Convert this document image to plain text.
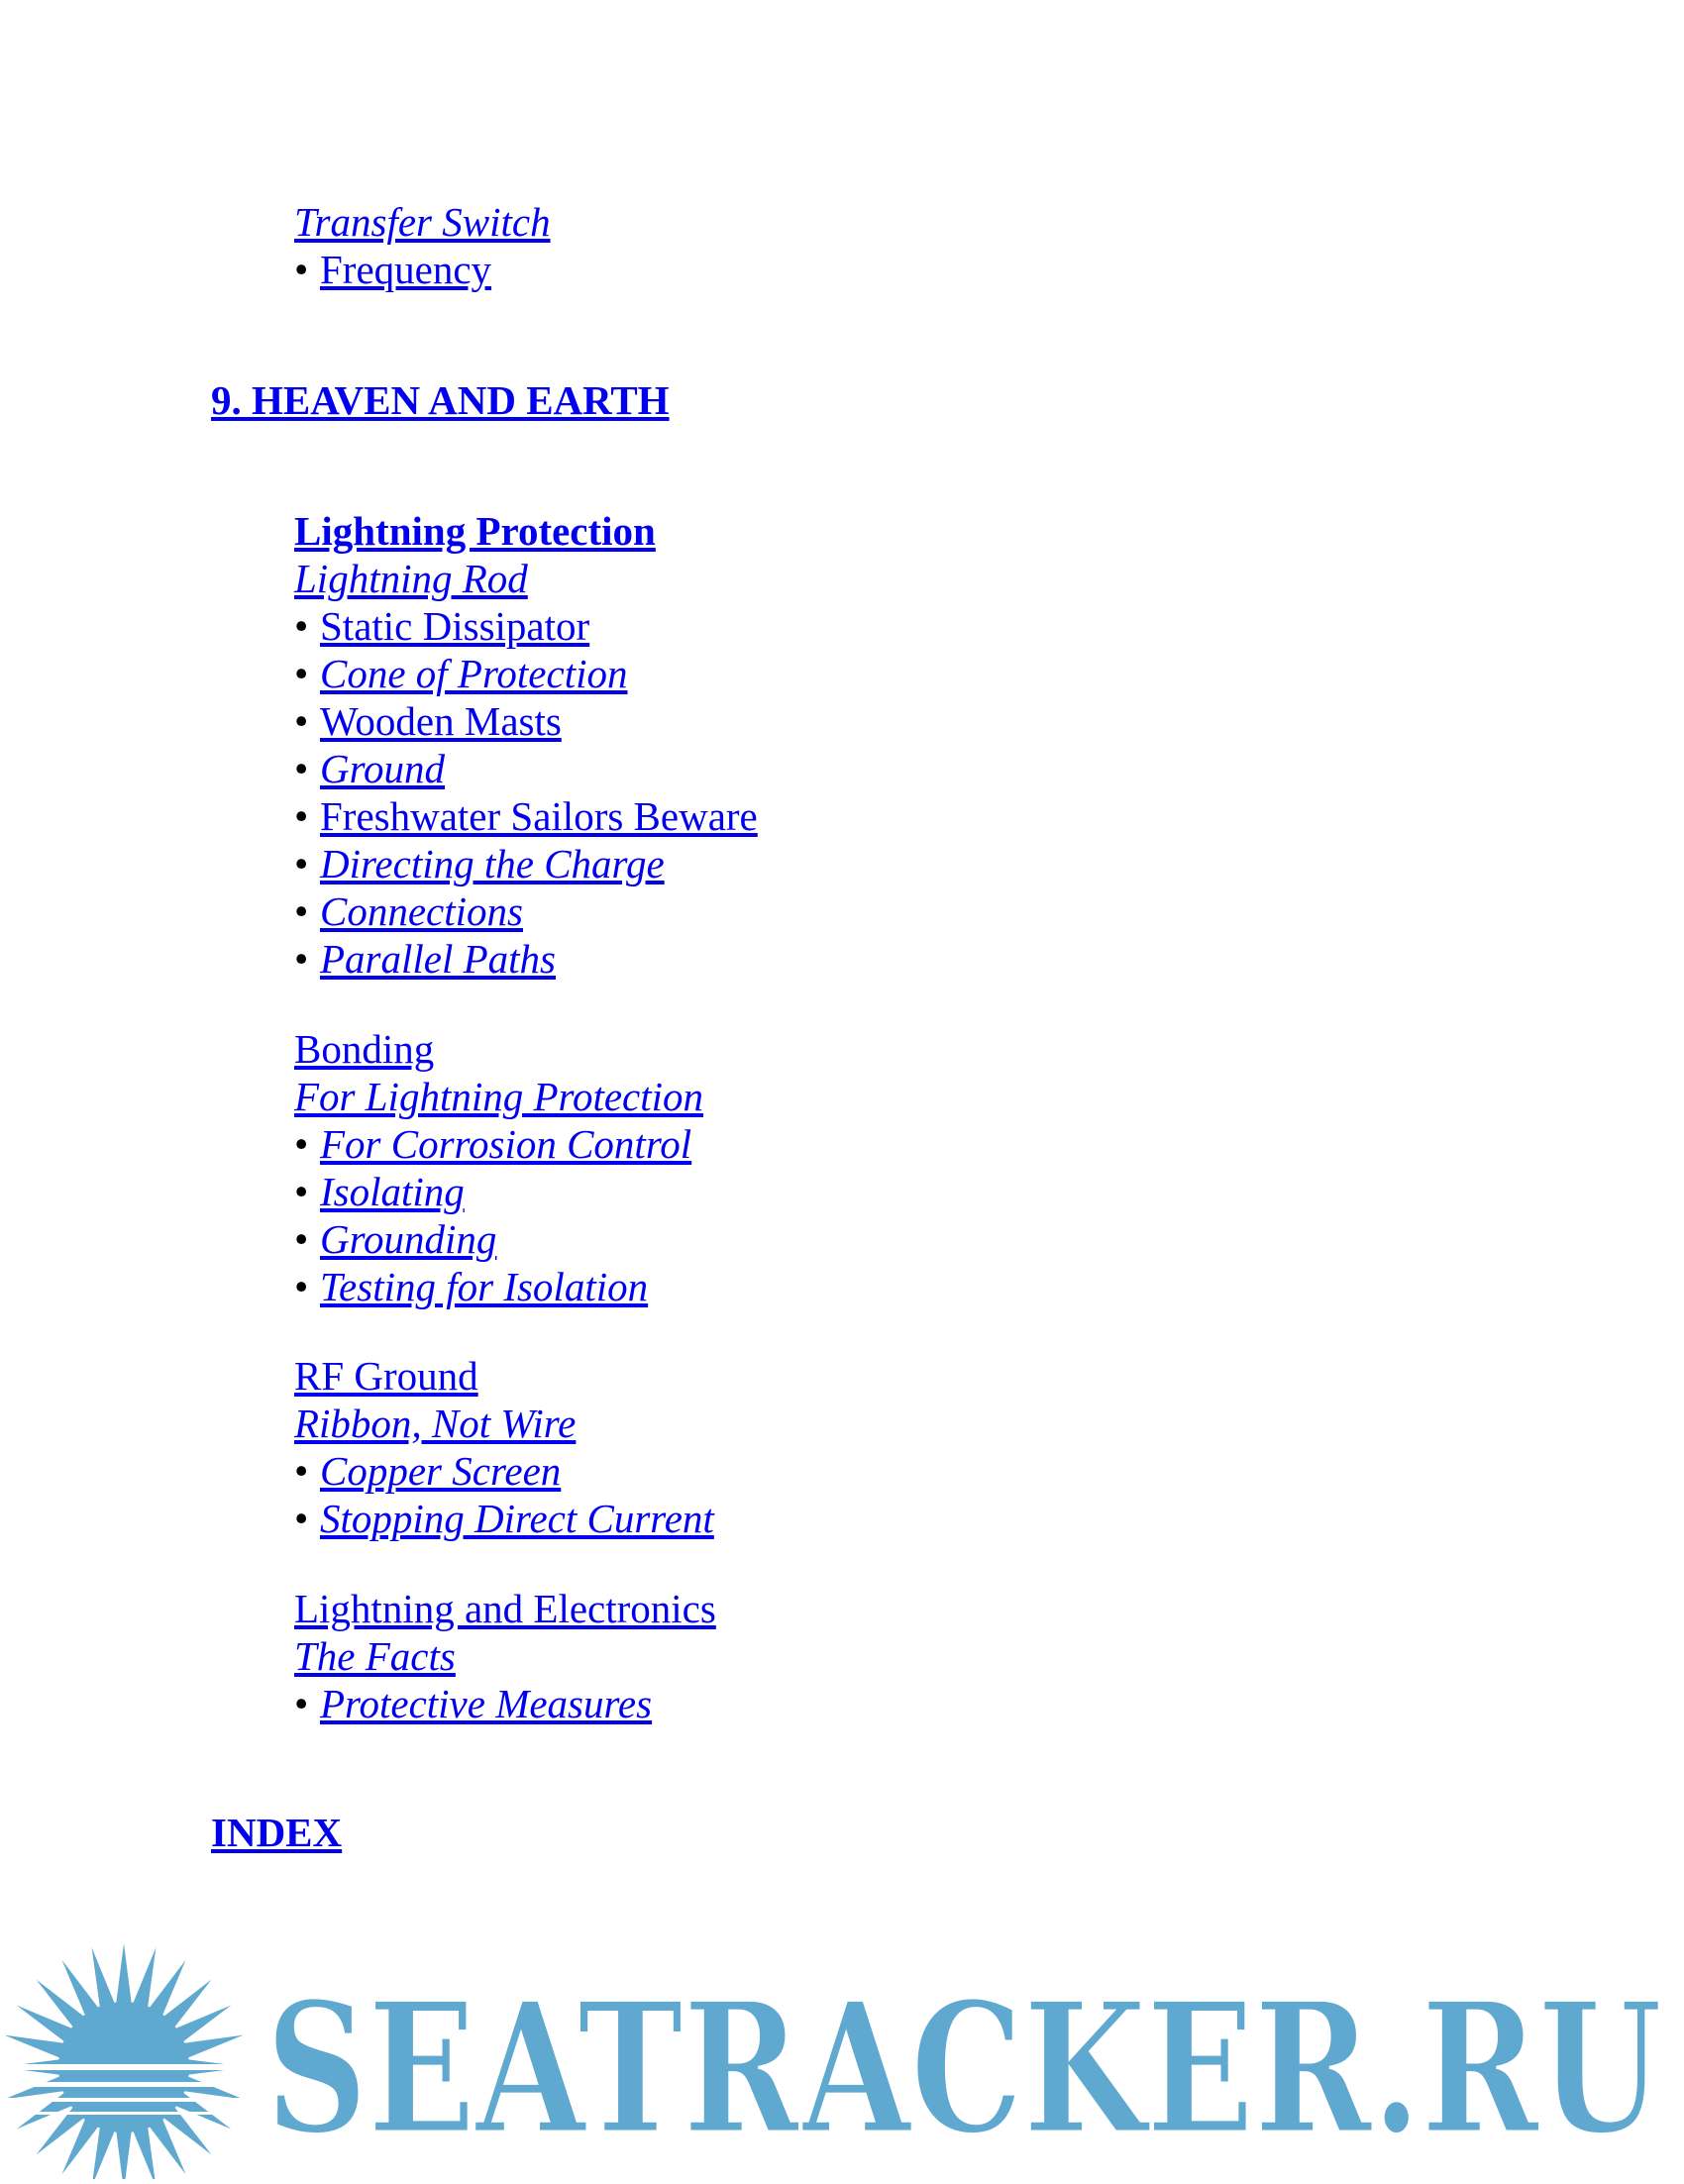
Transfer Switch
• Frequency
9. HEAVEN AND EARTH
Lightning Protection
Lightning Rod
• Static Dissipator
• Cone of Protection
• Wooden Masts
• Ground
• Freshwater Sailors Beware
• Directing the Charge
• Connections
• Parallel Paths
Bonding
For Lightning Protection
• For Corrosion Control
• Isolating
• Grounding
• Testing for Isolation
RF Ground
Ribbon, Not Wire
• Copper Screen
• Stopping Direct Current
Lightning and Electronics
The Facts
• Protective Measures
INDEX
SEATRACKER.RU
